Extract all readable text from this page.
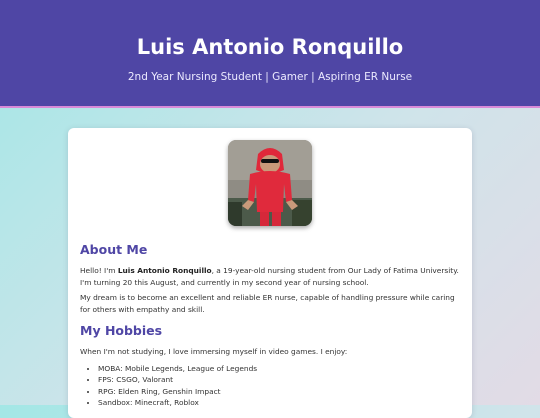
Luis Antonio Ronquillo

2nd Year Nursing Student | Gamer | Aspiring ER Nurse

About Me

Hello! I'm Luis Antonio Ronquillo, a 19-year-old nursing student from Our Lady of Fatima University. I'm turning 20 this August, and currently in my second year of nursing school.

My dream is to become an excellent and reliable ER nurse, capable of handling pressure while caring for others with empathy and skill.

My Hobbies

When I'm not studying, I love immersing myself in video games. I enjoy:

• MOBA: Mobile Legends, League of Legends
• FPS: CSGO, Valorant
• RPG: Elden Ring, Genshin Impact
• Sandbox: Minecraft, Roblox
